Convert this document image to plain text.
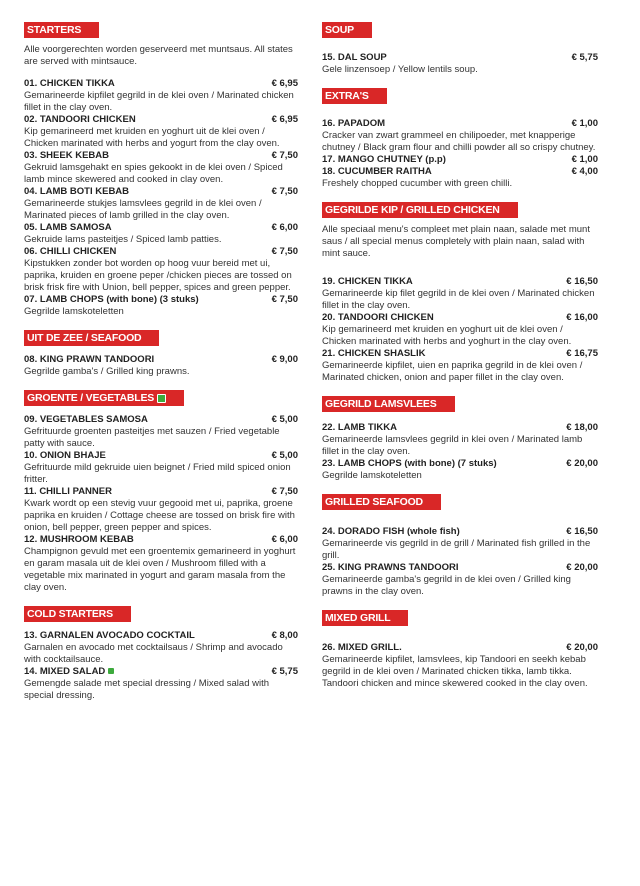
STARTERS

Alle voorgerechten worden geserveerd met muntsaus. All states are served with mintsauce.

01. CHICKEN TIKKA	€ 6,95
Gemarineerde kipfilet gegrild in de klei oven / Marinated chicken fillet in the clay oven.
02. TANDOORI CHICKEN	€ 6,95
Kip gemarineerd met kruiden en yoghurt uit de klei oven / Chicken marinated with herbs and yogurt from the clay oven.
03. SHEEK KEBAB	€ 7,50
Gekruid lamsgehakt en spies gekookt in de klei oven / Spiced lamb mince skewered and cooked in clay oven.
04. LAMB BOTI KEBAB	€ 7,50
Gemarineerde stukjes lamsvlees gegrild in de klei oven / Marinated pieces of lamb grilled in the clay oven.
05. LAMB SAMOSA	€ 6,00
Gekruide lams pasteitjes / Spiced lamb patties.
06. CHILLI CHICKEN	€ 7,50
Kipstukken zonder bot worden op hoog vuur bereid met ui, paprika, kruiden en groene peper /chicken pieces are tossed on brisk frisk fire with Union, bell pepper, spices and green pepper.
07. LAMB CHOPS (with bone) (3 stuks)	€ 7,50
Gegrilde lamskoteletten
UIT DE ZEE / SEAFOOD
08. KING PRAWN TANDOORI	€ 9,00
Gegrilde gamba's / Grilled king prawns.
GROENTE / VEGETABLES
09. VEGETABLES SAMOSA	€ 5,00
Gefrituurde groenten pasteitjes met sauzen / Fried vegetable patty with sauce.
10. ONION BHAJE	€ 5,00
Gefrituurde mild gekruide uien beignet / Fried mild spiced onion fritter.
11. CHILLI PANNER	€ 7,50
Kwark wordt op een stevig vuur gegooid met ui, paprika, groene paprika en kruiden / Cottage cheese are tossed on brisk fire with onion, bell pepper, green pepper and spices.
12. MUSHROOM KEBAB	€ 6,00
Champignon gevuld met een groentemix gemarineerd in yoghurt en garam masala uit de klei oven / Mushroom filled with a vegetable mix marinated in yogurt and garam masala from the clay oven.
COLD STARTERS
13. GARNALEN AVOCADO COCKTAIL	€ 8,00
Garnalen en avocado met cocktailsaus / Shrimp and avocado with cocktailsauce.
14. MIXED SALAD	€ 5,75
Gemengde salade met special dressing / Mixed salad with special dressing.
SOUP
15. DAL SOUP	€ 5,75
Gele linzensoep / Yellow lentils soup.
EXTRA'S
16. PAPADOM	€ 1,00
Cracker van zwart grammeel en chilipoeder, met knapperige chutney / Black gram flour and chilli powder all so crispy chutney.
17. MANGO CHUTNEY (p.p)	€ 1,00
18. CUCUMBER RAITHA	€ 4,00
Freshely chopped cucumber with green chilli.
GEGRILDE KIP / GRILLED CHICKEN

Alle speciaal menu's compleet met plain naan, salade met munt saus / all special menus completely with plain naan, salad with mint sauce.

19. CHICKEN TIKKA	€ 16,50
Gemarineerde kip filet gegrild in de klei oven / Marinated chicken fillet in the clay oven.
20. TANDOORI CHICKEN	€ 16,00
Kip gemarineerd met kruiden en yoghurt uit de klei oven / Chicken marinated with herbs and yoghurt in the clay oven.
21. CHICKEN SHASLIK	€ 16,75
Gemarineerde kipfilet, uien en paprika gegrild in de klei oven / Marinated chicken, onion and paper fillet in the clay oven.
GEGRILD LAMSVLEES
22. LAMB TIKKA	€ 18,00
Gemarineerde lamsvlees gegrild in klei oven / Marinated lamb fillet in the clay oven.
23. LAMB CHOPS (with bone) (7 stuks)	€ 20,00
Gegrilde lamskoteletten
GRILLED SEAFOOD
24. DORADO FISH (whole fish)	€ 16,50
Gemarineerde vis gegrild in de grill / Marinated fish grilled in the grill.
25. KING PRAWNS TANDOORI	€ 20,00
Gemarineerde gamba's gegrild in de klei oven / Grilled king prawns in the clay oven.
MIXED GRILL
26. MIXED GRILL.	€ 20,00
Gemarineerde kipfilet, lamsvlees, kip Tandoori en seekh kebab gegrild in de klei oven / Marinated chicken tikka, lamb tikka. Tandoori chicken and mince skewered cooked in the clay oven.
